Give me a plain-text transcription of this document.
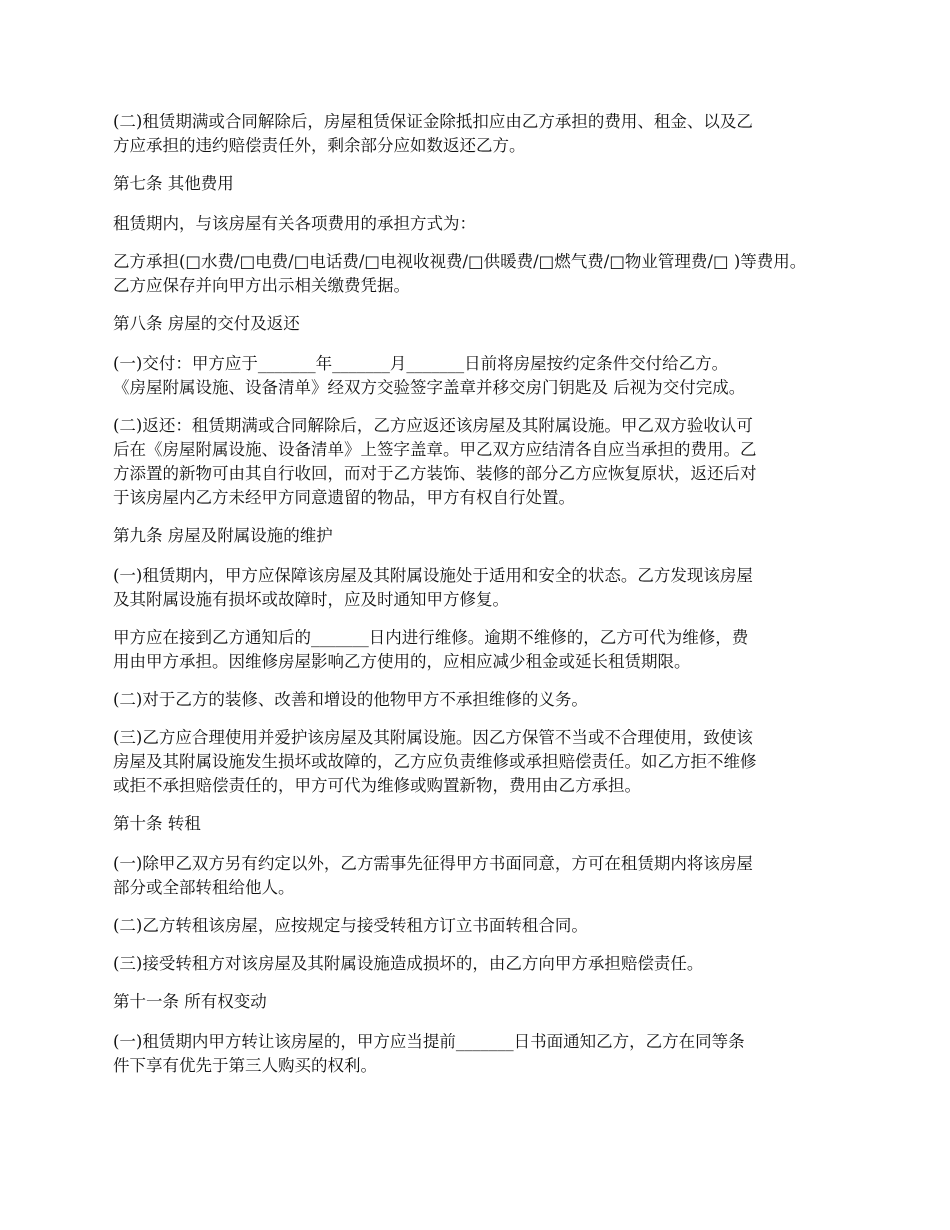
(二)租赁期满或合同解除后，房屋租赁保证金除抵扣应由乙方承担的费用、租金、以及乙
方应承担的违约赔偿责任外，剩余部分应如数返还乙方。

第七条 其他费用

租赁期内，与该房屋有关各项费用的承担方式为：

乙方承担(□水费/□电费/□电话费/□电视收视费/□供暖费/□燃气费/□物业管理费/□ )等费用。
乙方应保存并向甲方出示相关缴费凭据。

第八条 房屋的交付及返还

(一)交付：甲方应于_______年_______月_______日前将房屋按约定条件交付给乙方。
《房屋附属设施、设备清单》经双方交验签字盖章并移交房门钥匙及 后视为交付完成。

(二)返还：租赁期满或合同解除后，乙方应返还该房屋及其附属设施。甲乙双方验收认可
后在《房屋附属设施、设备清单》上签字盖章。甲乙双方应结清各自应当承担的费用。乙
方添置的新物可由其自行收回，而对于乙方装饰、装修的部分乙方应恢复原状，返还后对
于该房屋内乙方未经甲方同意遗留的物品，甲方有权自行处置。

第九条 房屋及附属设施的维护

(一)租赁期内，甲方应保障该房屋及其附属设施处于适用和安全的状态。乙方发现该房屋
及其附属设施有损坏或故障时，应及时通知甲方修复。

甲方应在接到乙方通知后的_______日内进行维修。逾期不维修的，乙方可代为维修，费
用由甲方承担。因维修房屋影响乙方使用的，应相应减少租金或延长租赁期限。

(二)对于乙方的装修、改善和增设的他物甲方不承担维修的义务。

(三)乙方应合理使用并爱护该房屋及其附属设施。因乙方保管不当或不合理使用，致使该
房屋及其附属设施发生损坏或故障的，乙方应负责维修或承担赔偿责任。如乙方拒不维修
或拒不承担赔偿责任的，甲方可代为维修或购置新物，费用由乙方承担。

第十条 转租

(一)除甲乙双方另有约定以外，乙方需事先征得甲方书面同意，方可在租赁期内将该房屋
部分或全部转租给他人。

(二)乙方转租该房屋，应按规定与接受转租方订立书面转租合同。

(三)接受转租方对该房屋及其附属设施造成损坏的，由乙方向甲方承担赔偿责任。

第十一条 所有权变动

(一)租赁期内甲方转让该房屋的，甲方应当提前_______日书面通知乙方，乙方在同等条
件下享有优先于第三人购买的权利。
